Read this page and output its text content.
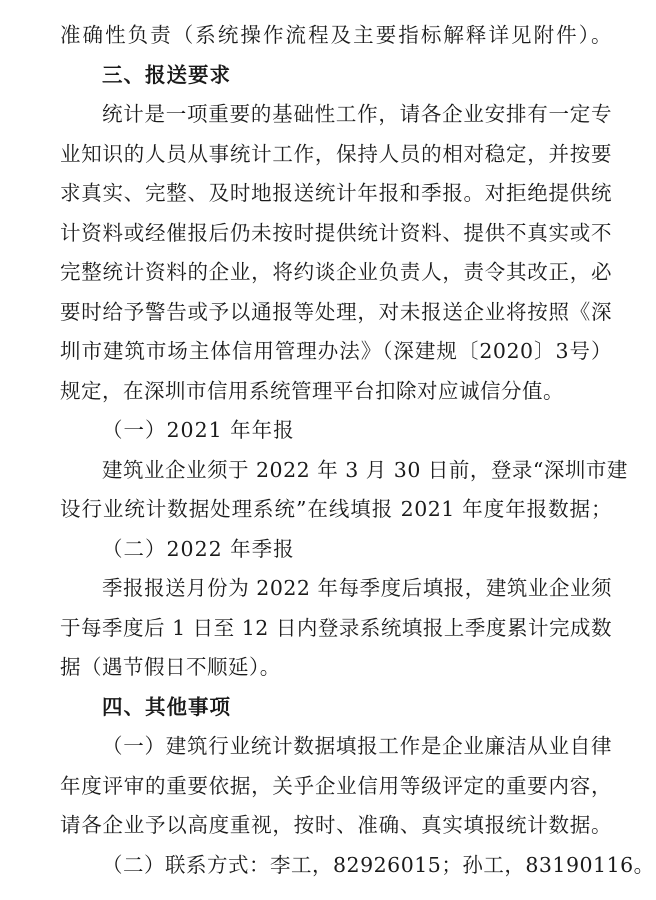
准确性负责（系统操作流程及主要指标解释详见附件）。
三、报送要求
统计是一项重要的基础性工作，请各企业安排有一定专
业知识的人员从事统计工作，保持人员的相对稳定，并按要
求真实、完整、及时地报送统计年报和季报。对拒绝提供统
计资料或经催报后仍未按时提供统计资料、提供不真实或不
完整统计资料的企业，将约谈企业负责人，责令其改正，必
要时给予警告或予以通报等处理，对未报送企业将按照《深
圳市建筑市场主体信用管理办法》（深建规〔2020〕3号）
规定，在深圳市信用系统管理平台扣除对应诚信分值。
（一）2021 年年报
建筑业企业须于 2022 年 3 月 30 日前，登录“深圳市建
设行业统计数据处理系统”在线填报 2021 年度年报数据；
（二）2022 年季报
季报报送月份为 2022 年每季度后填报，建筑业企业须
于每季度后 1 日至 12 日内登录系统填报上季度累计完成数
据（遇节假日不顺延）。
四、其他事项
（一）建筑行业统计数据填报工作是企业廉洁从业自律
年度评审的重要依据，关乎企业信用等级评定的重要内容，
请各企业予以高度重视，按时、准确、真实填报统计数据。
（二）联系方式：李工，82926015；孙工，83190116。
